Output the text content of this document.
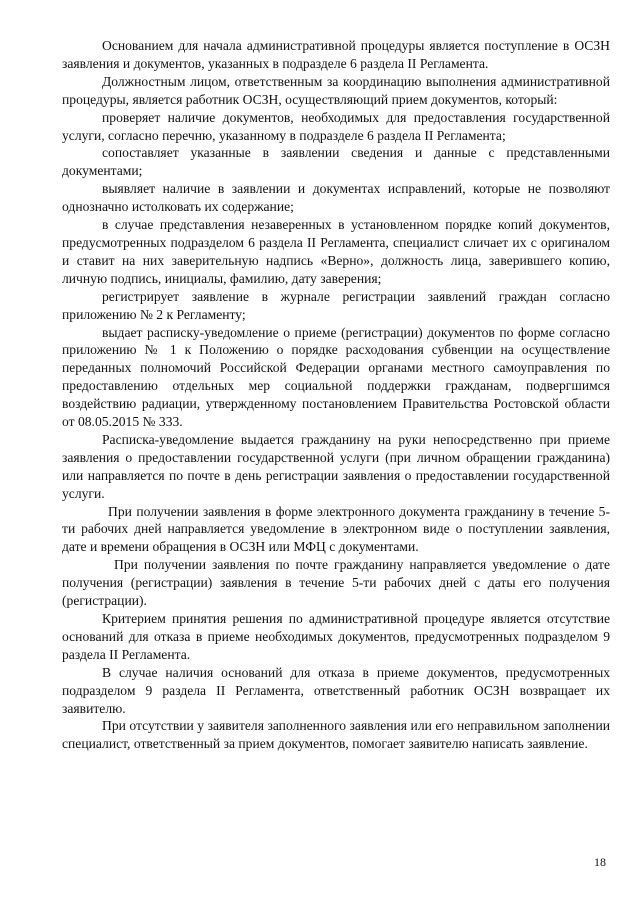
Основанием для начала административной процедуры является поступление в ОСЗН заявления и документов, указанных в подразделе 6 раздела II Регламента.

Должностным лицом, ответственным за координацию выполнения административной процедуры, является работник ОСЗН, осуществляющий прием документов, который:

проверяет наличие документов, необходимых для предоставления государственной услуги, согласно перечню, указанному в подразделе 6 раздела II Регламента;

сопоставляет указанные в заявлении сведения и данные с представленными документами;

выявляет наличие в заявлении и документах исправлений, которые не позволяют однозначно истолковать их содержание;

в случае представления незаверенных в установленном порядке копий документов, предусмотренных подразделом 6 раздела II Регламента, специалист сличает их с оригиналом и ставит на них заверительную надпись «Верно», должность лица, заверившего копию, личную подпись, инициалы, фамилию, дату заверения;

регистрирует заявление в журнале регистрации заявлений граждан согласно приложению № 2 к Регламенту;

выдает расписку-уведомление о приеме (регистрации) документов по форме согласно приложению № 1 к Положению о порядке расходования субвенции на осуществление переданных полномочий Российской Федерации органами местного самоуправления по предоставлению отдельных мер социальной поддержки гражданам, подвергшимся воздействию радиации, утвержденному постановлением Правительства Ростовской области от 08.05.2015 № 333.

Расписка-уведомление выдается гражданину на руки непосредственно при приеме заявления о предоставлении государственной услуги (при личном обращении гражданина) или направляется по почте в день регистрации заявления о предоставлении государственной услуги.

При получении заявления в форме электронного документа гражданину в течение 5-ти рабочих дней направляется уведомление в электронном виде о поступлении заявления, дате и времени обращения в ОСЗН или МФЦ с документами.

При получении заявления по почте гражданину направляется уведомление о дате получения (регистрации) заявления в течение 5-ти рабочих дней с даты его получения (регистрации).

Критерием принятия решения по административной процедуре является отсутствие оснований для отказа в приеме необходимых документов, предусмотренных подразделом 9 раздела II Регламента.

В случае наличия оснований для отказа в приеме документов, предусмотренных подразделом 9 раздела II Регламента, ответственный работник ОСЗН возвращает их заявителю.

При отсутствии у заявителя заполненного заявления или его неправильном заполнении специалист, ответственный за прием документов, помогает заявителю написать заявление.

18
